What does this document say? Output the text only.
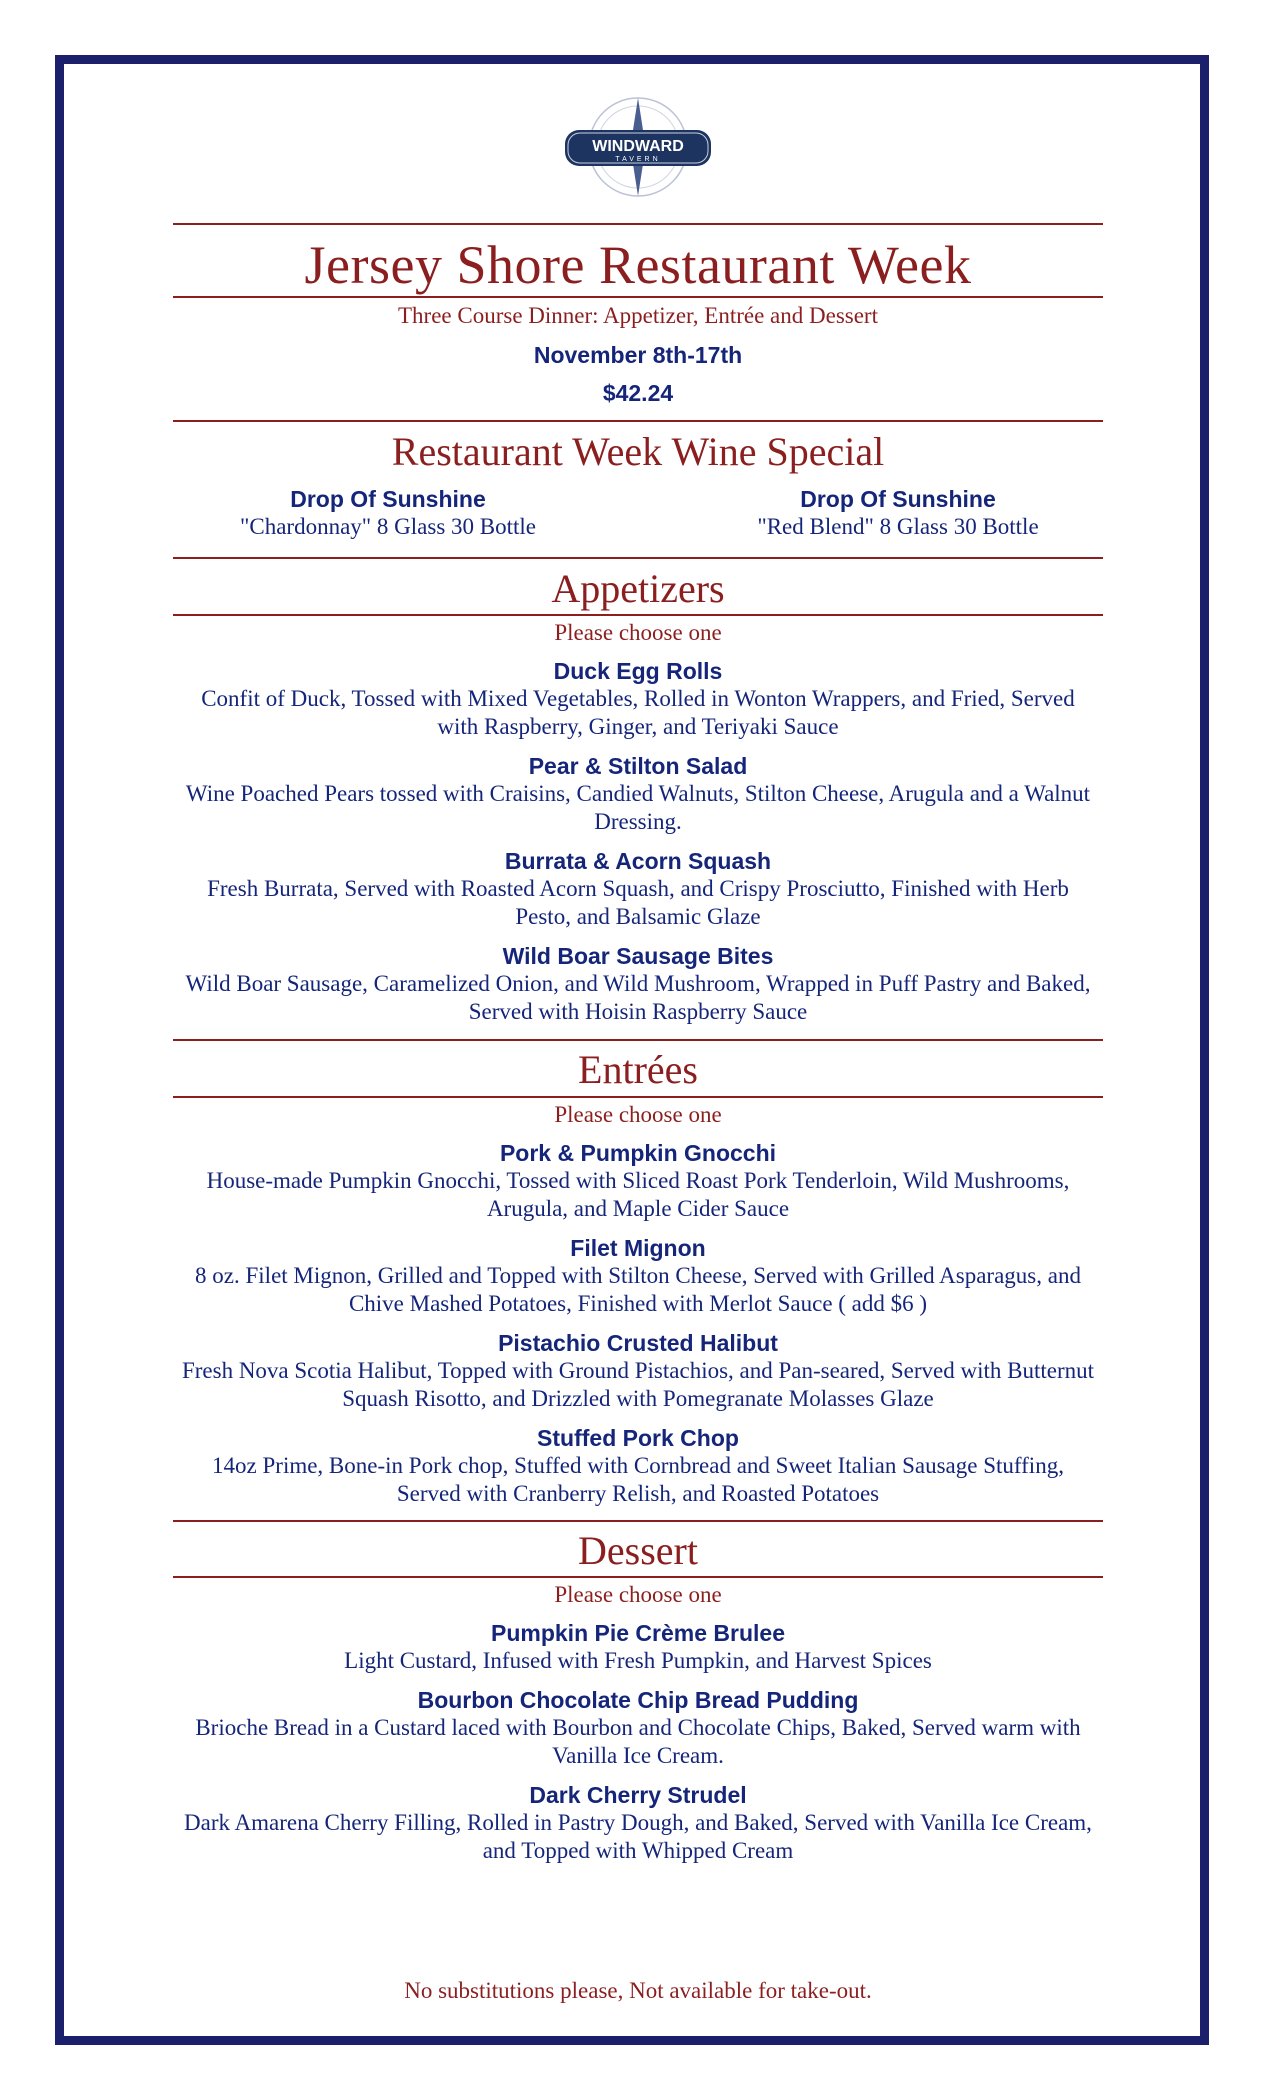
WINDWARD
TAVERN
Jersey Shore Restaurant Week
Three Course Dinner: Appetizer, Entrée and Dessert
November 8th-17th
$42.24
Restaurant Week Wine Special
Drop Of Sunshine
"Chardonnay" 8 Glass 30 Bottle
Drop Of Sunshine
"Red Blend" 8 Glass 30 Bottle
Appetizers
Please choose one
Duck Egg Rolls
Confit of Duck, Tossed with Mixed Vegetables, Rolled in Wonton Wrappers, and Fried, Served with Raspberry, Ginger, and Teriyaki Sauce
Pear & Stilton Salad
Wine Poached Pears tossed with Craisins, Candied Walnuts, Stilton Cheese, Arugula and a Walnut Dressing.
Burrata & Acorn Squash
Fresh Burrata, Served with Roasted Acorn Squash, and Crispy Prosciutto, Finished with Herb Pesto, and Balsamic Glaze
Wild Boar Sausage Bites
Wild Boar Sausage, Caramelized Onion, and Wild Mushroom, Wrapped in Puff Pastry and Baked, Served with Hoisin Raspberry Sauce
Entrées
Please choose one
Pork & Pumpkin Gnocchi
House-made Pumpkin Gnocchi, Tossed with Sliced Roast Pork Tenderloin, Wild Mushrooms, Arugula, and Maple Cider Sauce
Filet Mignon
8 oz. Filet Mignon, Grilled and Topped with Stilton Cheese, Served with Grilled Asparagus, and Chive Mashed Potatoes, Finished with Merlot Sauce ( add $6 )
Pistachio Crusted Halibut
Fresh Nova Scotia Halibut, Topped with Ground Pistachios, and Pan-seared, Served with Butternut Squash Risotto, and Drizzled with Pomegranate Molasses Glaze
Stuffed Pork Chop
14oz Prime, Bone-in Pork chop, Stuffed with Cornbread and Sweet Italian Sausage Stuffing, Served with Cranberry Relish, and Roasted Potatoes
Dessert
Please choose one
Pumpkin Pie Crème Brulee
Light Custard, Infused with Fresh Pumpkin, and Harvest Spices
Bourbon Chocolate Chip Bread Pudding
Brioche Bread in a Custard laced with Bourbon and Chocolate Chips, Baked, Served warm with Vanilla Ice Cream.
Dark Cherry Strudel
Dark Amarena Cherry Filling, Rolled in Pastry Dough, and Baked, Served with Vanilla Ice Cream, and Topped with Whipped Cream
No substitutions please, Not available for take-out.
